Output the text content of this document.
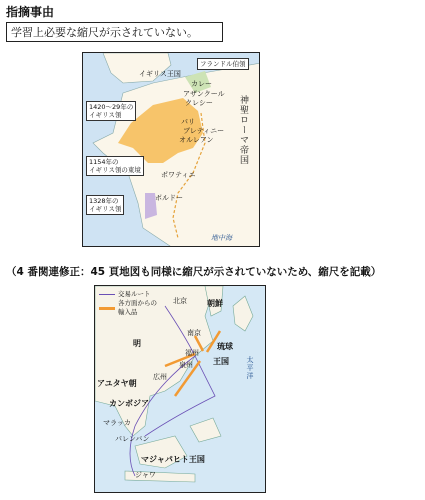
指摘事由
学習上必要な縮尺が示されていない。
イギリス王国
フランドル伯領
カレー
アザンクール
クレシー	神聖ローマ帝国
1420～29年の
イギリス領
パリ
ブレティニー
オルレアン
1154年の
イギリス領の東境
ポワティエ
ボルドー
1328年の
イギリス領
地中海
（4 番関連修正：45 頁地図も同様に縮尺が示されていないため、縮尺を記載）
交易ルート
各方面からの
輸入品
朝鮮
北京
南京
明
福州
泉州
琉球
王国 太平洋
広州
アユタヤ朝
カンボジア
マラッカ
パレンバン
マジャパヒト王国
ジャワ
